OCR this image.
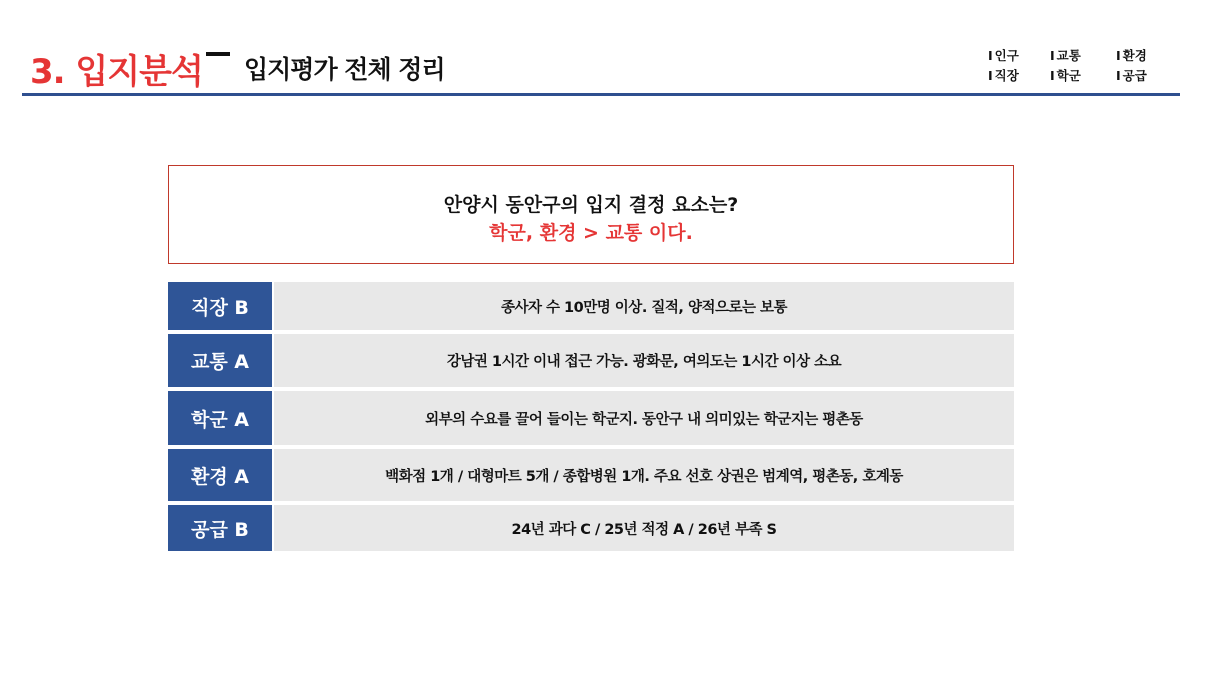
3. 입지분석 입지평가 전체 정리	I 인구	I 교통	I 환경
I 직장	I 학군	I 공급
안양시 동안구의 입지 결정 요소는?
학군, 환경 > 교통 이다.
직장 B	종사자 수 10만명 이상. 질적, 양적으로는 보통
교통 A	강남권 1시간 이내 접근 가능. 광화문, 여의도는 1시간 이상 소요
학군 A	외부의 수요를 끌어 들이는 학군지. 동안구 내 의미있는 학군지는 평촌동
환경 A	백화점 1개 / 대형마트 5개 / 종합병원 1개. 주요 선호 상권은 범계역, 평촌동, 호계동
공급 B	24년 과다 C / 25년 적정 A / 26년 부족 S
